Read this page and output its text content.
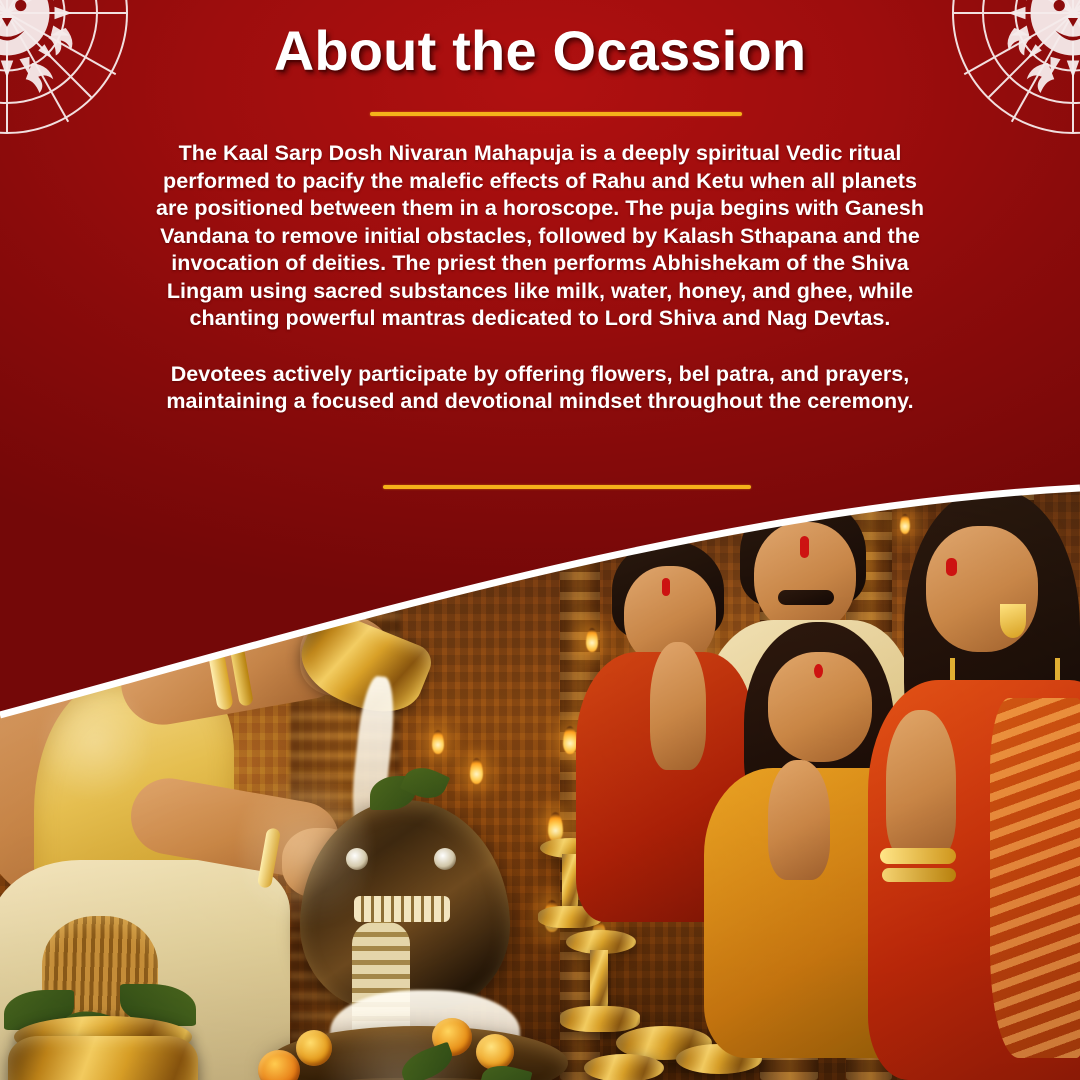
About the Ocassion

The Kaal Sarp Dosh Nivaran Mahapuja is a deeply spiritual Vedic ritual performed to pacify the malefic effects of Rahu and Ketu when all planets are positioned between them in a horoscope. The puja begins with Ganesh Vandana to remove initial obstacles, followed by Kalash Sthapana and the invocation of deities. The priest then performs Abhishekam of the Shiva Lingam using sacred substances like milk, water, honey, and ghee, while chanting powerful mantras dedicated to Lord Shiva and Nag Devtas.

Devotees actively participate by offering flowers, bel patra, and prayers, maintaining a focused and devotional mindset throughout the ceremony.
